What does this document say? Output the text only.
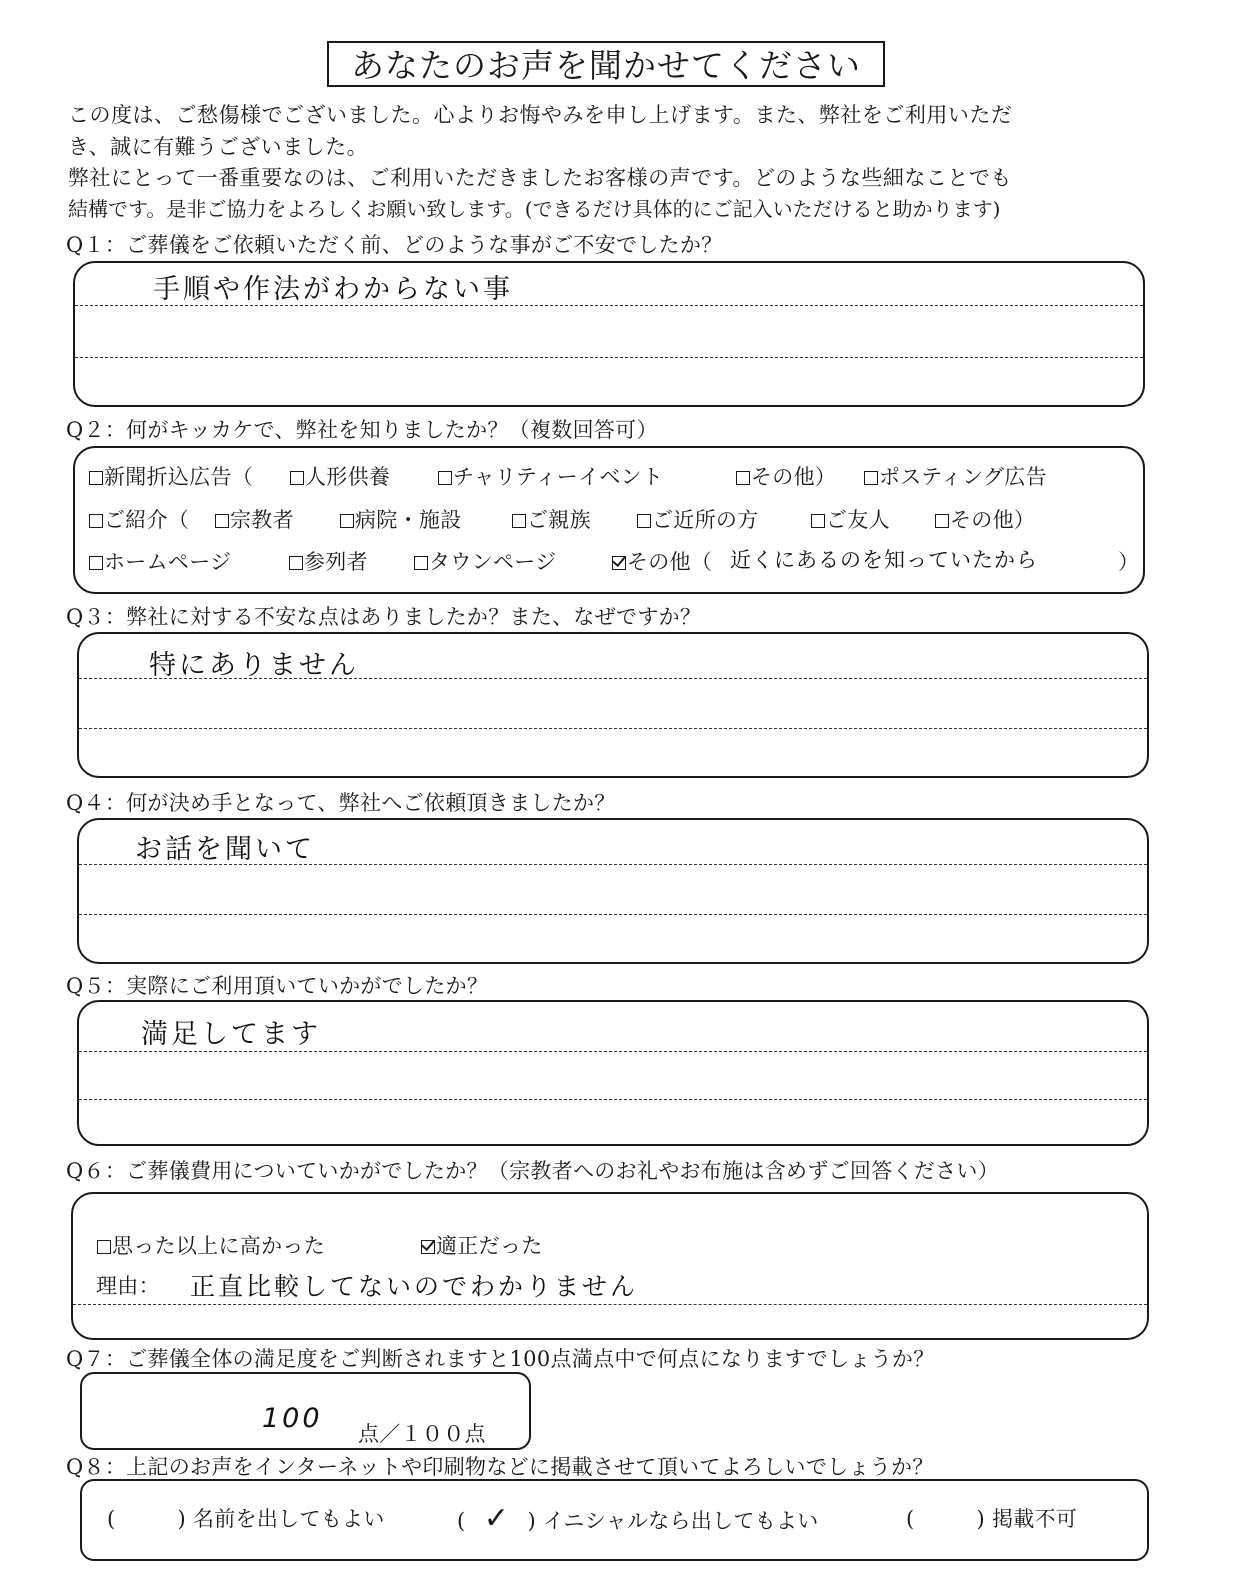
あなたのお声を聞かせてください
この度は、ご愁傷様でございました。心よりお悔やみを申し上げます。また、弊社をご利用いただ
き、誠に有難うございました。
弊社にとって一番重要なのは、ご利用いただきましたお客様の声です。どのような些細なことでも
結構です。是非ご協力をよろしくお願い致します。(できるだけ具体的にご記入いただけると助かります)
Q１：ご葬儀をご依頼いただく前、どのような事がご不安でしたか？
手順や作法がわからない事
Q２：何がキッカケで、弊社を知りましたか？（複数回答可）
新聞折込広告（	人形供養	チャリティーイベント	その他）	ポスティング広告
ご紹介（	宗教者	病院・施設	ご親族	ご近所の方	ご友人	その他）
ホームページ	参列者	タウンページ	その他（ 近くにあるのを知っていたから	）
Q３：弊社に対する不安な点はありましたか？また、なぜですか？
特にありません
Q４：何が決め手となって、弊社へご依頼頂きましたか？
お話を聞いて
Q５：実際にご利用頂いていかがでしたか？
満足してます
Q６：ご葬儀費用についていかがでしたか？（宗教者へのお礼やお布施は含めずご回答ください）
思った以上に高かった	適正だった
理由： 正直比較してないのでわかりません
Q７：ご葬儀全体の満足度をご判断されますと100点満点中で何点になりますでしょうか？
100 点／１００点
Q８：上記のお声をインターネットや印刷物などに掲載させて頂いてよろしいでしょうか？
(	) 名前を出してもよい	( ✓ ) イニシャルなら出してもよい	(	) 掲載不可
